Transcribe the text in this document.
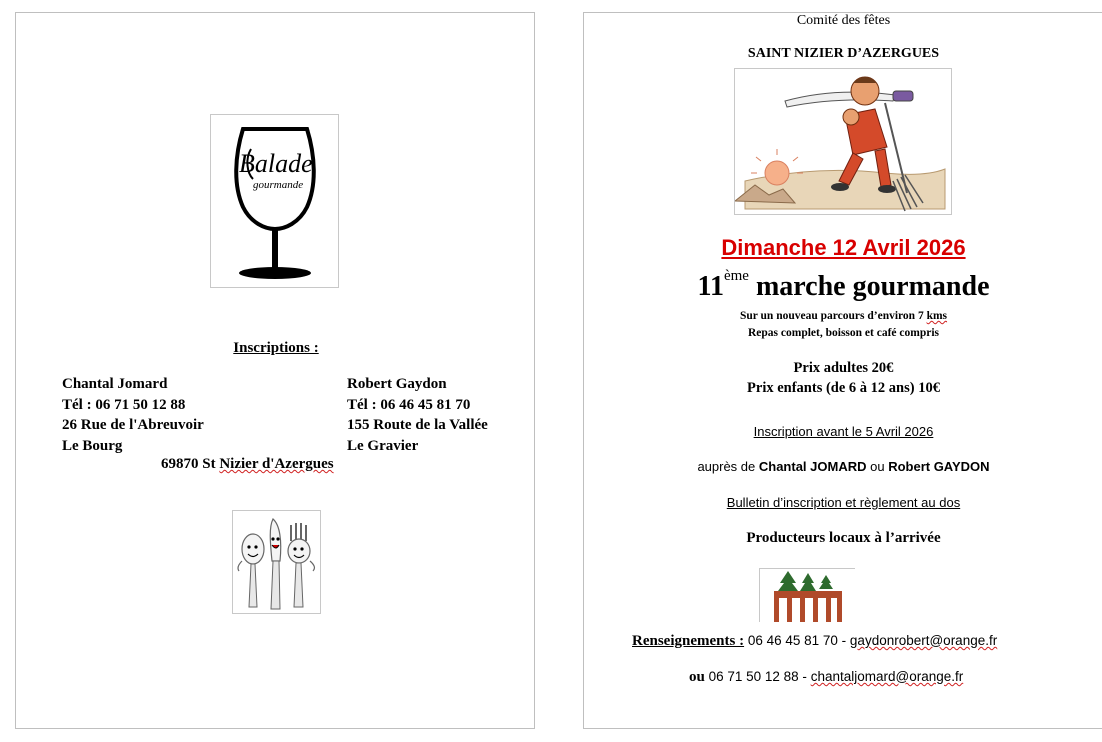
Balade
gourmande
Inscriptions :
Chantal Jomard
Tél : 06 71 50 12 88
26 Rue de l'Abreuvoir
Le Bourg
Robert Gaydon
Tél : 06 46 45 81 70
155 Route de la Vallée
Le Gravier
69870 St Nizier d'Azergues
Comité des fêtes
SAINT NIZIER D’AZERGUES
Dimanche 12 Avril 2026
11ème marche gourmande
Sur un nouveau parcours d’environ 7 kms
Repas complet, boisson et café compris
Prix adultes 20€
Prix enfants (de 6 à 12 ans) 10€
Inscription avant le 5 Avril 2026
auprès de Chantal JOMARD ou Robert GAYDON
Bulletin d’inscription et règlement au dos
Producteurs locaux à l’arrivée
Renseignements : 06 46 45 81 70 - gaydonrobert@orange.fr
ou 06 71 50 12 88 - chantaljomard@orange.fr
